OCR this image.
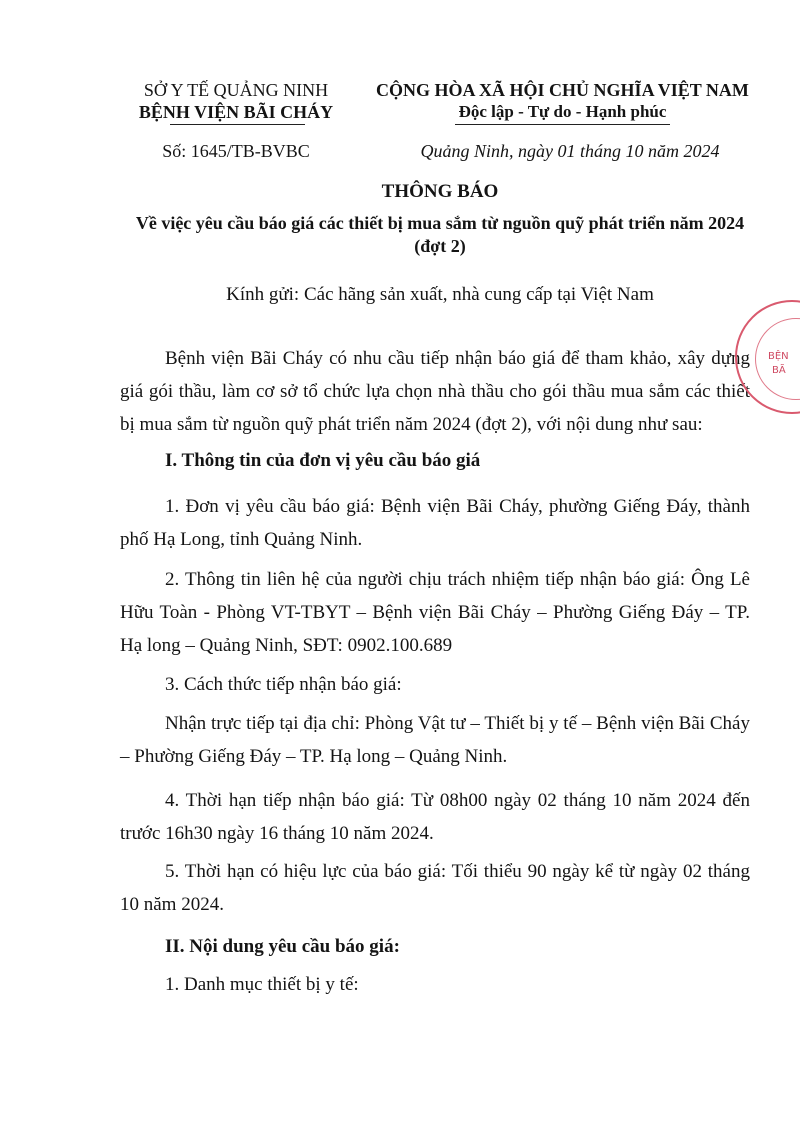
SỞ Y TẾ QUẢNG NINH
BỆNH VIỆN BÃI CHÁY
Số: 1645/TB-BVBC
CỘNG HÒA XÃ HỘI CHỦ NGHĨA VIỆT NAM
Độc lập - Tự do - Hạnh phúc
Quảng Ninh, ngày 01 tháng 10 năm 2024
THÔNG BÁO
Về việc yêu cầu báo giá các thiết bị mua sắm từ nguồn quỹ phát triển năm 2024
(đợt 2)
Kính gửi: Các hãng sản xuất, nhà cung cấp tại Việt Nam
Bệnh viện Bãi Cháy có nhu cầu tiếp nhận báo giá để tham khảo, xây dựng giá gói thầu, làm cơ sở tổ chức lựa chọn nhà thầu cho gói thầu mua sắm các thiết bị mua sắm từ nguồn quỹ phát triển năm 2024 (đợt 2), với nội dung như sau:
I. Thông tin của đơn vị yêu cầu báo giá
1. Đơn vị yêu cầu báo giá: Bệnh viện Bãi Cháy, phường Giếng Đáy, thành phố Hạ Long, tỉnh Quảng Ninh.
2. Thông tin liên hệ của người chịu trách nhiệm tiếp nhận báo giá: Ông Lê Hữu Toàn - Phòng VT-TBYT – Bệnh viện Bãi Cháy – Phường Giếng Đáy – TP. Hạ long – Quảng Ninh, SĐT: 0902.100.689
3. Cách thức tiếp nhận báo giá:
Nhận trực tiếp tại địa chỉ: Phòng Vật tư – Thiết bị y tế – Bệnh viện Bãi Cháy – Phường Giếng Đáy – TP. Hạ long – Quảng Ninh.
4. Thời hạn tiếp nhận báo giá: Từ 08h00 ngày 02 tháng 10 năm 2024 đến trước 16h30 ngày 16 tháng 10 năm 2024.
5. Thời hạn có hiệu lực của báo giá: Tối thiểu 90 ngày kể từ ngày 02 tháng 10 năm 2024.
II. Nội dung yêu cầu báo giá:
1. Danh mục thiết bị y tế:
BỆN
BÃ
